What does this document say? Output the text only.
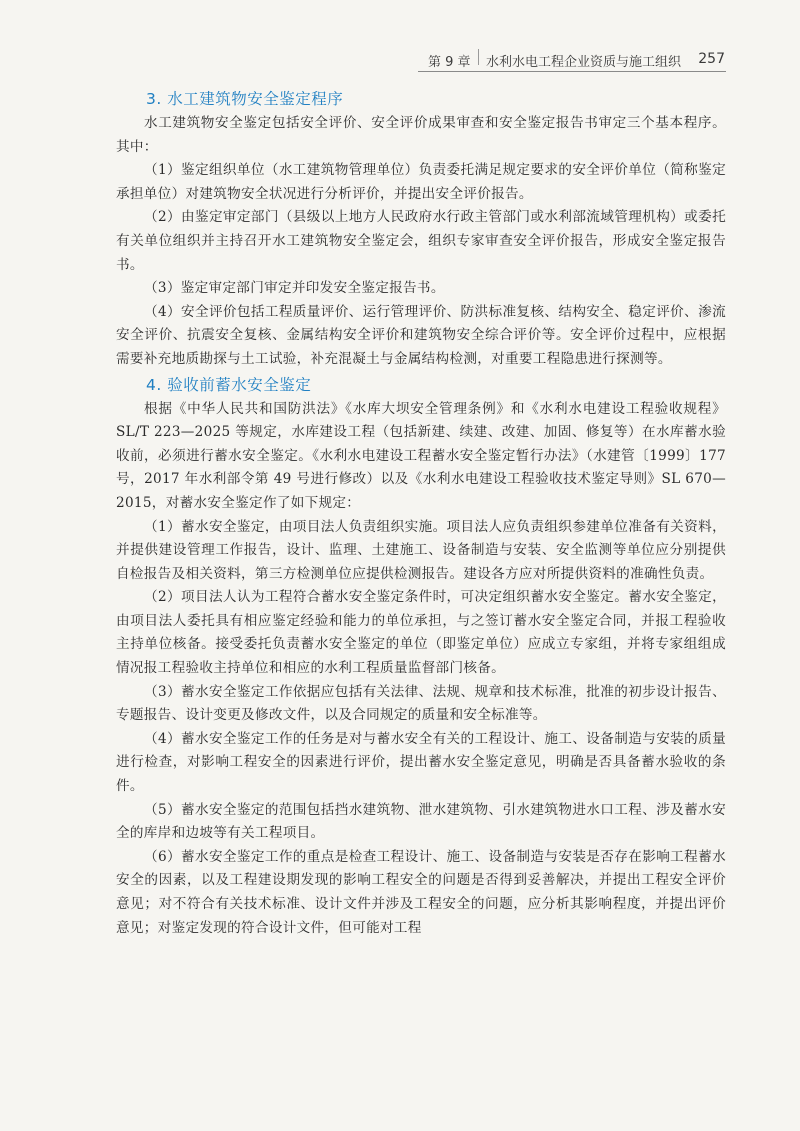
第 9 章 水利水电工程企业资质与施工组织 257
3. 水工建筑物安全鉴定程序

水工建筑物安全鉴定包括安全评价、安全评价成果审查和安全鉴定报告书审定三个基本程序。其中：

（1）鉴定组织单位（水工建筑物管理单位）负责委托满足规定要求的安全评价单位（简称鉴定承担单位）对建筑物安全状况进行分析评价，并提出安全评价报告。

（2）由鉴定审定部门（县级以上地方人民政府水行政主管部门或水利部流域管理机构）或委托有关单位组织并主持召开水工建筑物安全鉴定会，组织专家审查安全评价报告，形成安全鉴定报告书。

（3）鉴定审定部门审定并印发安全鉴定报告书。

（4）安全评价包括工程质量评价、运行管理评价、防洪标准复核、结构安全、稳定评价、渗流安全评价、抗震安全复核、金属结构安全评价和建筑物安全综合评价等。安全评价过程中，应根据需要补充地质勘探与土工试验，补充混凝土与金属结构检测，对重要工程隐患进行探测等。

4. 验收前蓄水安全鉴定

根据《中华人民共和国防洪法》《水库大坝安全管理条例》和《水利水电建设工程验收规程》SL/T 223—2025 等规定，水库建设工程（包括新建、续建、改建、加固、修复等）在水库蓄水验收前，必须进行蓄水安全鉴定。《水利水电建设工程蓄水安全鉴定暂行办法》（水建管〔1999〕177 号，2017 年水利部令第 49 号进行修改）以及《水利水电建设工程验收技术鉴定导则》SL 670—2015，对蓄水安全鉴定作了如下规定：

（1）蓄水安全鉴定，由项目法人负责组织实施。项目法人应负责组织参建单位准备有关资料，并提供建设管理工作报告，设计、监理、土建施工、设备制造与安装、安全监测等单位应分别提供自检报告及相关资料，第三方检测单位应提供检测报告。建设各方应对所提供资料的准确性负责。

（2）项目法人认为工程符合蓄水安全鉴定条件时，可决定组织蓄水安全鉴定。蓄水安全鉴定，由项目法人委托具有相应鉴定经验和能力的单位承担，与之签订蓄水安全鉴定合同，并报工程验收主持单位核备。接受委托负责蓄水安全鉴定的单位（即鉴定单位）应成立专家组，并将专家组组成情况报工程验收主持单位和相应的水利工程质量监督部门核备。

（3）蓄水安全鉴定工作依据应包括有关法律、法规、规章和技术标准，批准的初步设计报告、专题报告、设计变更及修改文件，以及合同规定的质量和安全标准等。

（4）蓄水安全鉴定工作的任务是对与蓄水安全有关的工程设计、施工、设备制造与安装的质量进行检查，对影响工程安全的因素进行评价，提出蓄水安全鉴定意见，明确是否具备蓄水验收的条件。

（5）蓄水安全鉴定的范围包括挡水建筑物、泄水建筑物、引水建筑物进水口工程、涉及蓄水安全的库岸和边坡等有关工程项目。

（6）蓄水安全鉴定工作的重点是检查工程设计、施工、设备制造与安装是否存在影响工程蓄水安全的因素，以及工程建设期发现的影响工程安全的问题是否得到妥善解决，并提出工程安全评价意见；对不符合有关技术标准、设计文件并涉及工程安全的问题，应分析其影响程度，并提出评价意见；对鉴定发现的符合设计文件，但可能对工程
